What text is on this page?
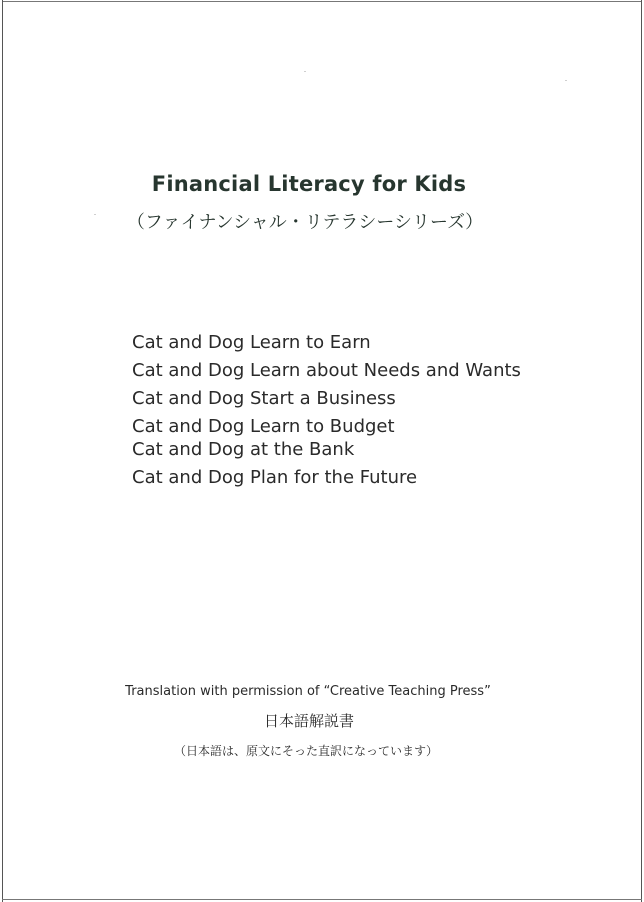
Financial Literacy for Kids
（ファイナンシャル・リテラシーシリーズ）
Cat and Dog Learn to Earn
Cat and Dog Learn about Needs and Wants
Cat and Dog Start a Business
Cat and Dog Learn to Budget
Cat and Dog at the Bank
Cat and Dog Plan for the Future
Translation with permission of “Creative Teaching Press”
日本語解説書
（日本語は、原文にそった直訳になっています）
